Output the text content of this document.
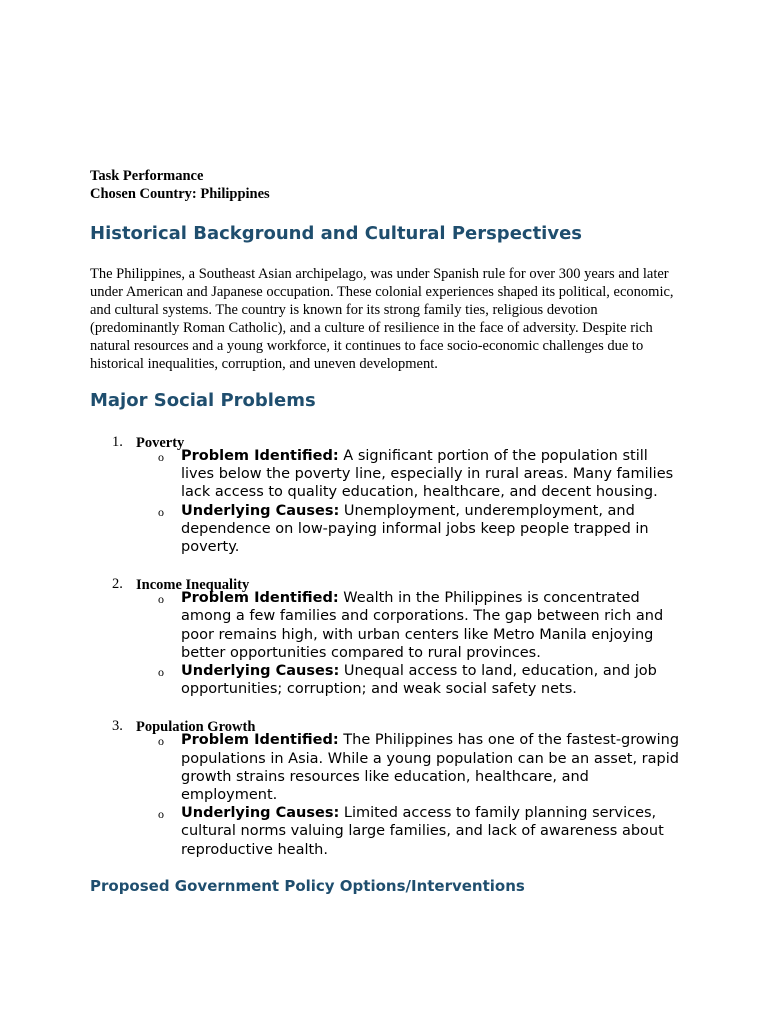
Task Performance

Chosen Country: Philippines

Historical Background and Cultural Perspectives

The Philippines, a Southeast Asian archipelago, was under Spanish rule for over 300 years and later under American and Japanese occupation. These colonial experiences shaped its political, economic, and cultural systems. The country is known for its strong family ties, religious devotion (predominantly Roman Catholic), and a culture of resilience in the face of adversity. Despite rich natural resources and a young workforce, it continues to face socio-economic challenges due to historical inequalities, corruption, and uneven development.

Major Social Problems
1. Poverty
o Problem Identified: A significant portion of the population still lives below the poverty line, especially in rural areas. Many families lack access to quality education, healthcare, and decent housing.
o Underlying Causes: Unemployment, underemployment, and dependence on low-paying informal jobs keep people trapped in poverty.
2. Income Inequality
o Problem Identified: Wealth in the Philippines is concentrated among a few families and corporations. The gap between rich and poor remains high, with urban centers like Metro Manila enjoying better opportunities compared to rural provinces.
o Underlying Causes: Unequal access to land, education, and job opportunities; corruption; and weak social safety nets.
3. Population Growth
o Problem Identified: The Philippines has one of the fastest-growing populations in Asia. While a young population can be an asset, rapid growth strains resources like education, healthcare, and employment.
o Underlying Causes: Limited access to family planning services, cultural norms valuing large families, and lack of awareness about reproductive health.
Proposed Government Policy Options/Interventions
